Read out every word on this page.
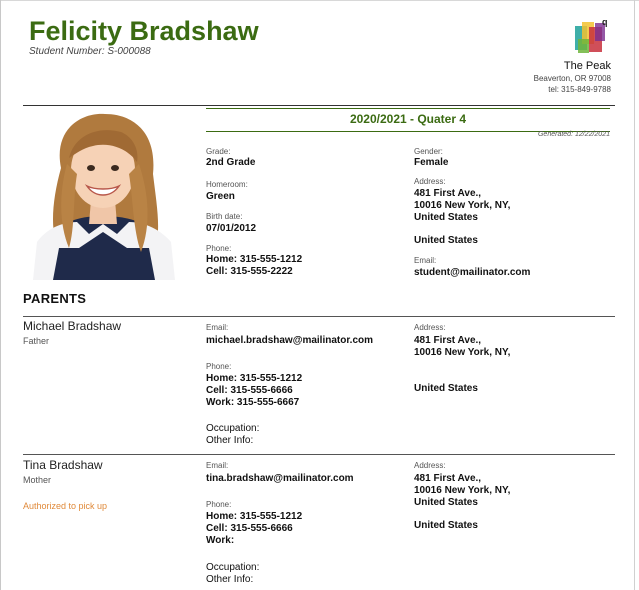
Felicity Bradshaw
Student Number: S-000088
q
The Peak
Beaverton, OR 97008
tel: 315-849-9788
2020/2021 - Quater 4
Generated: 12/22/2021
Grade:
2nd Grade
Homeroom:
Green
Birth date:
07/01/2012
Phone:
Home: 315-555-1212
Cell: 315-555-2222
Gender:
Female
Address:
481 First Ave.,
10016 New York, NY,
United States
United States
Email:
student@mailinator.com
PARENTS
Michael Bradshaw
Father
Email:
michael.bradshaw@mailinator.com
Phone:
Home: 315-555-1212
Cell: 315-555-6666
Work: 315-555-6667
Occupation:
Other Info:
Address:
481 First Ave.,
10016 New York, NY,
United States
Tina Bradshaw
Mother
Authorized to pick up
Email:
tina.bradshaw@mailinator.com
Phone:
Home: 315-555-1212
Cell: 315-555-6666
Work:
Occupation:
Other Info:
Address:
481 First Ave.,
10016 New York, NY,
United States
United States
